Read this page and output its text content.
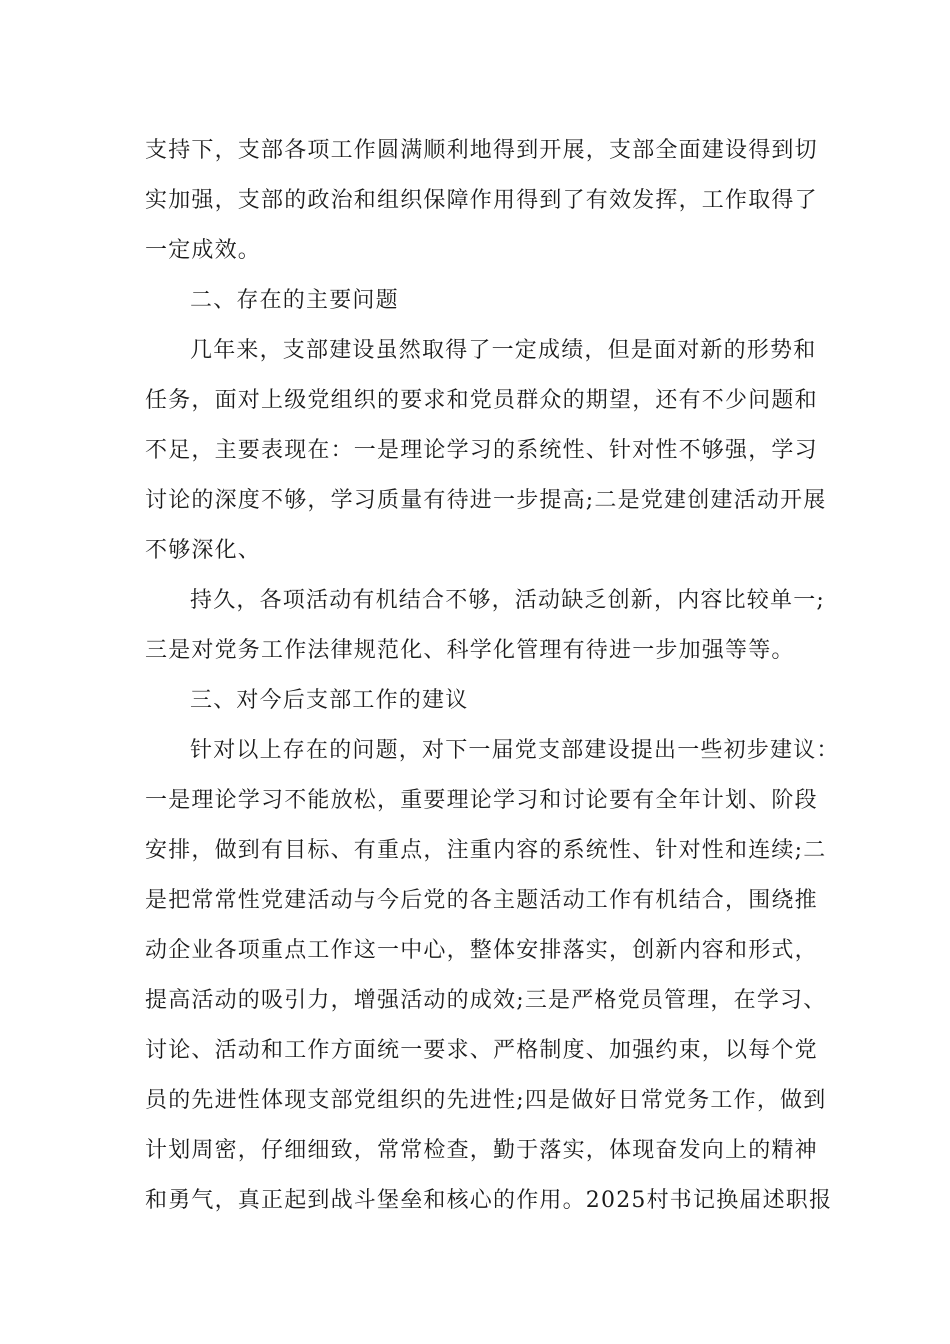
支持下，支部各项工作圆满顺利地得到开展，支部全面建设得到切
实加强，支部的政治和组织保障作用得到了有效发挥，工作取得了
一定成效。
二、存在的主要问题
几年来，支部建设虽然取得了一定成绩，但是面对新的形势和
任务，面对上级党组织的要求和党员群众的期望，还有不少问题和
不足，主要表现在：一是理论学习的系统性、针对性不够强，学习
讨论的深度不够，学习质量有待进一步提高;二是党建创建活动开展
不够深化、
持久，各项活动有机结合不够，活动缺乏创新，内容比较单一;
三是对党务工作法律规范化、科学化管理有待进一步加强等等。
三、对今后支部工作的建议
针对以上存在的问题，对下一届党支部建设提出一些初步建议：
一是理论学习不能放松，重要理论学习和讨论要有全年计划、阶段
安排，做到有目标、有重点，注重内容的系统性、针对性和连续;二
是把常常性党建活动与今后党的各主题活动工作有机结合，围绕推
动企业各项重点工作这一中心，整体安排落实，创新内容和形式，
提高活动的吸引力，增强活动的成效;三是严格党员管理，在学习、
讨论、活动和工作方面统一要求、严格制度、加强约束，以每个党
员的先进性体现支部党组织的先进性;四是做好日常党务工作，做到
计划周密，仔细细致，常常检查，勤于落实，体现奋发向上的精神
和勇气，真正起到战斗堡垒和核心的作用。2025村书记换届述职报
